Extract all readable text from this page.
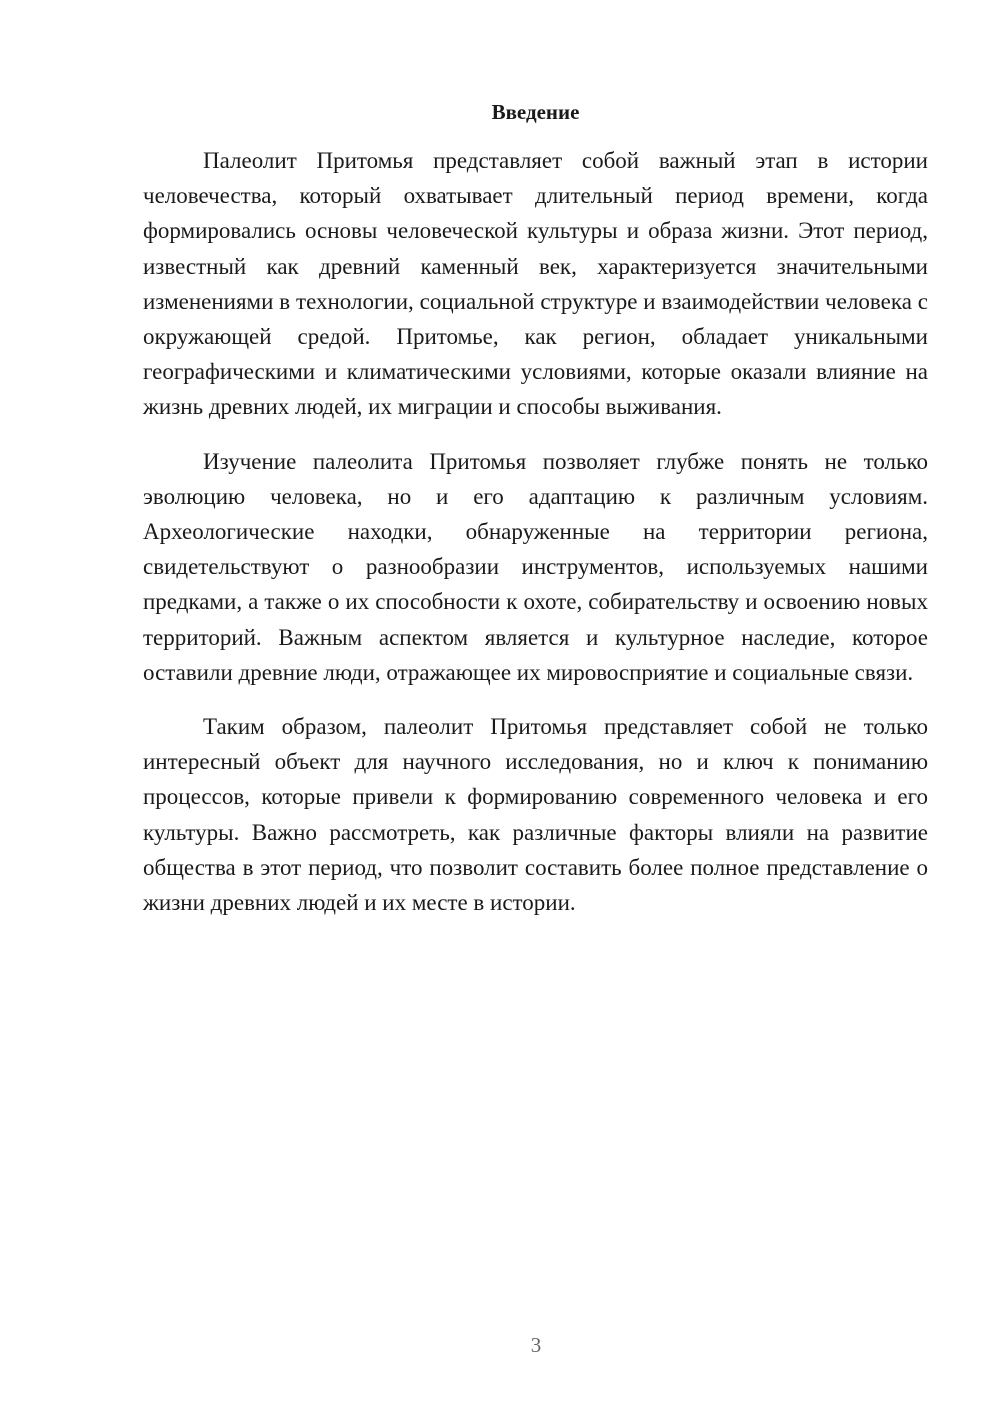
Введение

Палеолит Притомья представляет собой важный этап в истории человечества, который охватывает длительный период времени, когда формировались основы человеческой культуры и образа жизни. Этот период, известный как древний каменный век, характеризуется значительными изменениями в технологии, социальной структуре и взаимодействии человека с окружающей средой. Притомье, как регион, обладает уникальными географическими и климатическими условиями, которые оказали влияние на жизнь древних людей, их миграции и способы выживания.

Изучение палеолита Притомья позволяет глубже понять не только эволюцию человека, но и его адаптацию к различным условиям. Археологические находки, обнаруженные на территории региона, свидетельствуют о разнообразии инструментов, используемых нашими предками, а также о их способности к охоте, собирательству и освоению новых территорий. Важным аспектом является и культурное наследие, которое оставили древние люди, отражающее их мировосприятие и социальные связи.

Таким образом, палеолит Притомья представляет собой не только интересный объект для научного исследования, но и ключ к пониманию процессов, которые привели к формированию современного человека и его культуры. Важно рассмотреть, как различные факторы влияли на развитие общества в этот период, что позволит составить более полное представление о жизни древних людей и их месте в истории.

3
